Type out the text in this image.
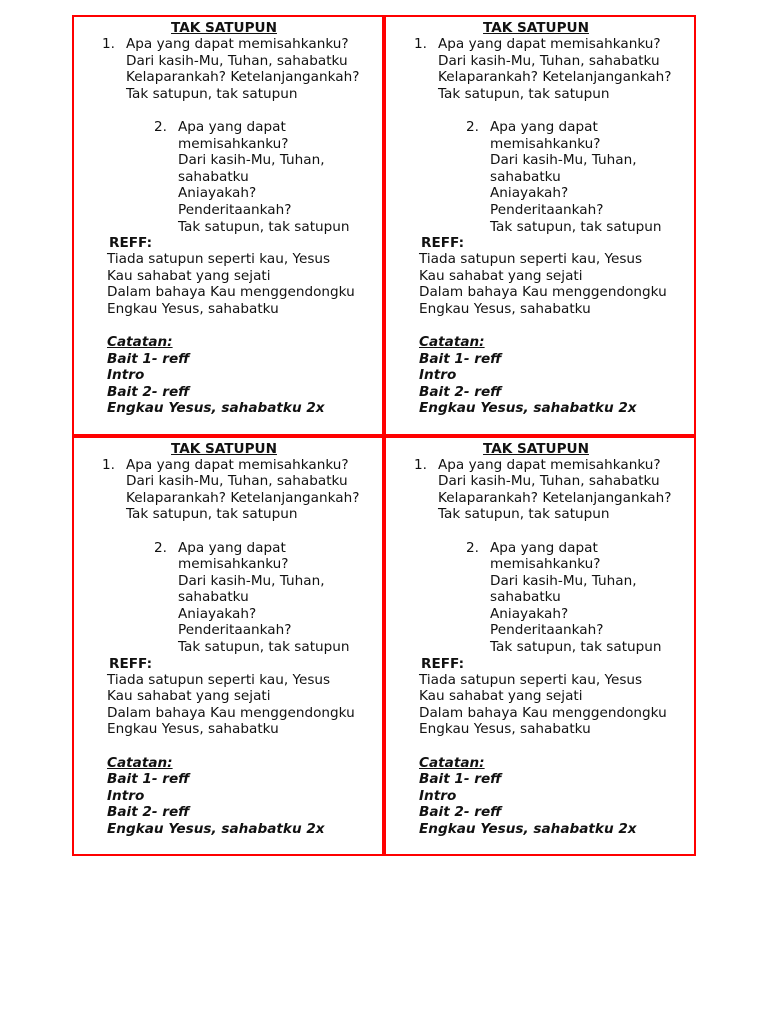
TAK SATUPUN
1. Apa yang dapat memisahkanku?
Dari kasih-Mu, Tuhan, sahabatku
Kelaparankah? Ketelanjangankah?
Tak satupun, tak satupun
2. Apa yang dapat
memisahkanku?
Dari kasih-Mu, Tuhan,
sahabatku
Aniayakah?
Penderitaankah?
Tak satupun, tak satupun
REFF:
Tiada satupun seperti kau, Yesus
Kau sahabat yang sejati
Dalam bahaya Kau menggendongku
Engkau Yesus, sahabatku
Catatan:
Bait 1- reff
Intro
Bait 2- reff
Engkau Yesus, sahabatku 2x
TAK SATUPUN
1. Apa yang dapat memisahkanku?
Dari kasih-Mu, Tuhan, sahabatku
Kelaparankah? Ketelanjangankah?
Tak satupun, tak satupun
2. Apa yang dapat
memisahkanku?
Dari kasih-Mu, Tuhan,
sahabatku
Aniayakah?
Penderitaankah?
Tak satupun, tak satupun
REFF:
Tiada satupun seperti kau, Yesus
Kau sahabat yang sejati
Dalam bahaya Kau menggendongku
Engkau Yesus, sahabatku
Catatan:
Bait 1- reff
Intro
Bait 2- reff
Engkau Yesus, sahabatku 2x
TAK SATUPUN
1. Apa yang dapat memisahkanku?
Dari kasih-Mu, Tuhan, sahabatku
Kelaparankah? Ketelanjangankah?
Tak satupun, tak satupun
2. Apa yang dapat
memisahkanku?
Dari kasih-Mu, Tuhan,
sahabatku
Aniayakah?
Penderitaankah?
Tak satupun, tak satupun
REFF:
Tiada satupun seperti kau, Yesus
Kau sahabat yang sejati
Dalam bahaya Kau menggendongku
Engkau Yesus, sahabatku
Catatan:
Bait 1- reff
Intro
Bait 2- reff
Engkau Yesus, sahabatku 2x
TAK SATUPUN
1. Apa yang dapat memisahkanku?
Dari kasih-Mu, Tuhan, sahabatku
Kelaparankah? Ketelanjangankah?
Tak satupun, tak satupun
2. Apa yang dapat
memisahkanku?
Dari kasih-Mu, Tuhan,
sahabatku
Aniayakah?
Penderitaankah?
Tak satupun, tak satupun
REFF:
Tiada satupun seperti kau, Yesus
Kau sahabat yang sejati
Dalam bahaya Kau menggendongku
Engkau Yesus, sahabatku
Catatan:
Bait 1- reff
Intro
Bait 2- reff
Engkau Yesus, sahabatku 2x
